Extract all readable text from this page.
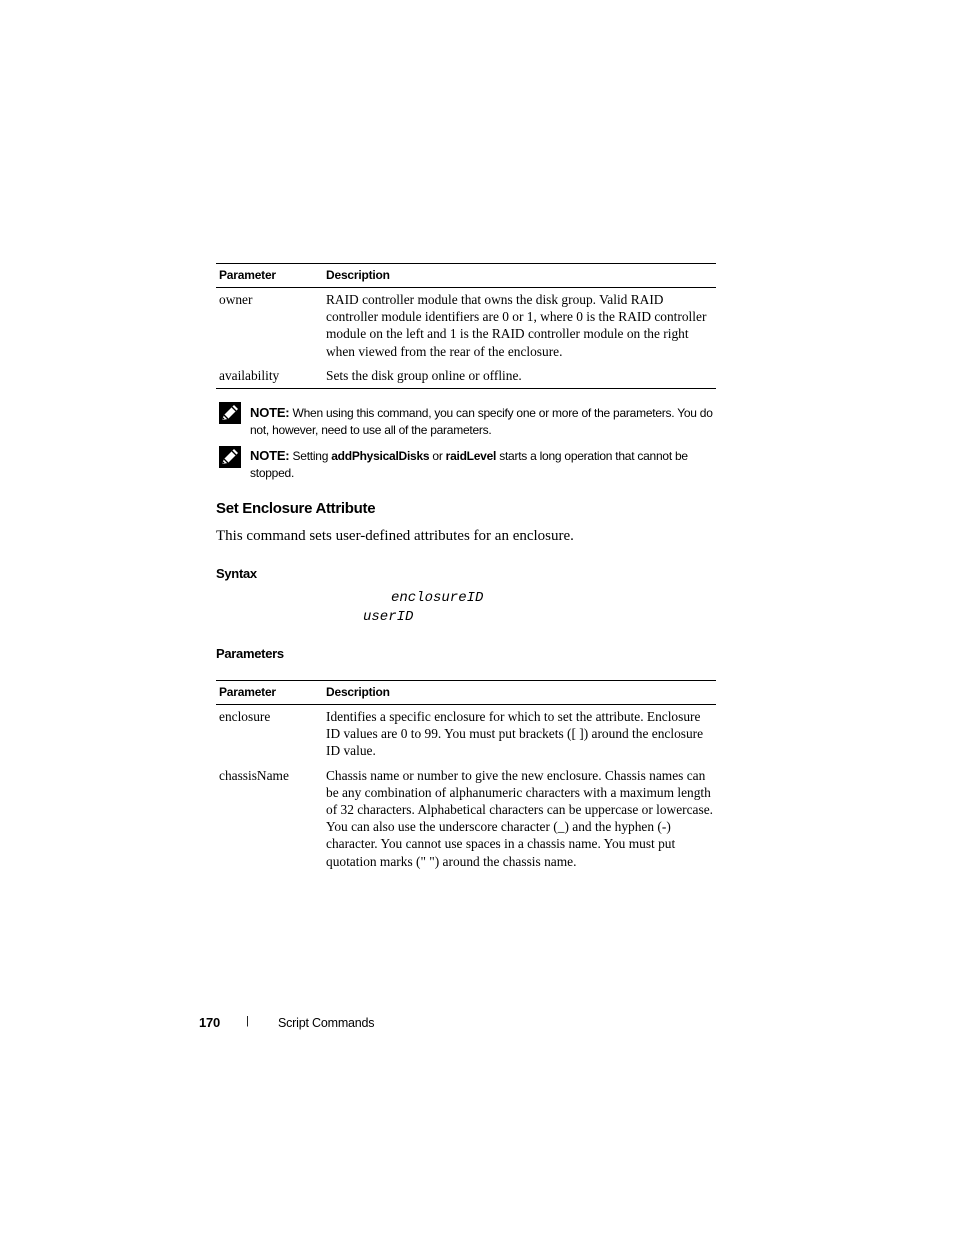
Parameter	Description
owner	RAID controller module that owns the disk group. Valid RAID controller module identifiers are 0 or 1, where 0 is the RAID controller module on the left and 1 is the RAID controller module on the right when viewed from the rear of the enclosure.
availability	Sets the disk group online or offline.
NOTE: When using this command, you can specify one or more of the parameters. You do not, however, need to use all of the parameters.
NOTE: Setting addPhysicalDisks or raidLevel starts a long operation that cannot be stopped.
Set Enclosure Attribute
This command sets user-defined attributes for an enclosure.
Syntax
enclosureID
userID
Parameters
Parameter	Description
enclosure	Identifies a specific enclosure for which to set the attribute. Enclosure ID values are 0 to 99. You must put brackets ([ ]) around the enclosure ID value.
chassisName	Chassis name or number to give the new enclosure. Chassis names can be any combination of alphanumeric characters with a maximum length of 32 characters. Alphabetical characters can be uppercase or lowercase. You can also use the underscore character (_) and the hyphen (-) character. You cannot use spaces in a chassis name. You must put quotation marks (" ") around the chassis name.
170 | Script Commands
